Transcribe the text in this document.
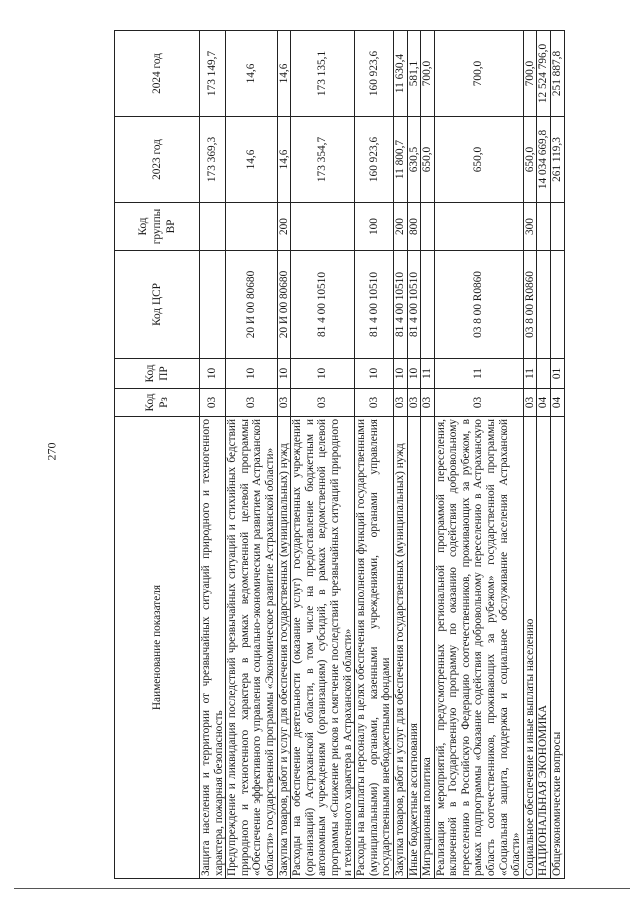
270
Наименование показателя	Код Рз	Код ПР	Код ЦСР	Код группы ВР	2023 год	2024 год
Защита населения и территории от чрезвычайных ситуаций природного и техногенного характера, пожарная безопасность	03	10			173 369,3	173 149,7
Предупреждение и ликвидация последствий чрезвычайных ситуаций и стихийных бедствий природного и техногенного характера в рамках ведомственной целевой программы «Обеспечение эффективного управления социально-экономическим развитием Астраханской области» государственной программы «Экономическое развитие Астраханской области»	03	10	20 И 00 80680		14,6	14,6
Закупка товаров, работ и услуг для обеспечения государственных (муниципальных) нужд	03	10	20 И 00 80680	200	14,6	14,6
Расходы на обеспечение деятельности (оказание услуг) государственных учреждений (организаций) Астраханской области, в том числе на предоставление бюджетным и автономным учреждениям (организациям) субсидий, в рамках ведомственной целевой программы «Снижение рисков и смягчение последствий чрезвычайных ситуаций природного и техногенного характера в Астраханской области»	03	10	81 4 00 10510		173 354,7	173 135,1
Расходы на выплаты персоналу в целях обеспечения выполнения функций государственными (муниципальными) органами, казенными учреждениями, органами управления государственными внебюджетными фондами	03	10	81 4 00 10510	100	160 923,6	160 923,6
Закупка товаров, работ и услуг для обеспечения государственных (муниципальных) нужд	03	10	81 4 00 10510	200	11 800,7	11 630,4
Иные бюджетные ассигнования	03	10	81 4 00 10510	800	630,5	581,1
Миграционная политика	03	11			650,0	700,0
Реализация мероприятий, предусмотренных региональной программой переселения, включенной в Государственную программу по оказанию содействия добровольному переселению в Российскую Федерацию соотечественников, проживающих за рубежом, в рамках подпрограммы «Оказание содействия добровольному переселению в Астраханскую область соотечественников, проживающих за рубежом» государственной программы «Социальная защита, поддержка и социальное обслуживание населения Астраханской области»	03	11	03 8 00 R0860		650,0	700,0
Социальное обеспечение и иные выплаты населению	03	11	03 8 00 R0860	300	650,0	700,0
НАЦИОНАЛЬНАЯ ЭКОНОМИКА	04				14 034 669,8	12 524 796,0
Общеэкономические вопросы	04	01			261 119,3	251 887,8
